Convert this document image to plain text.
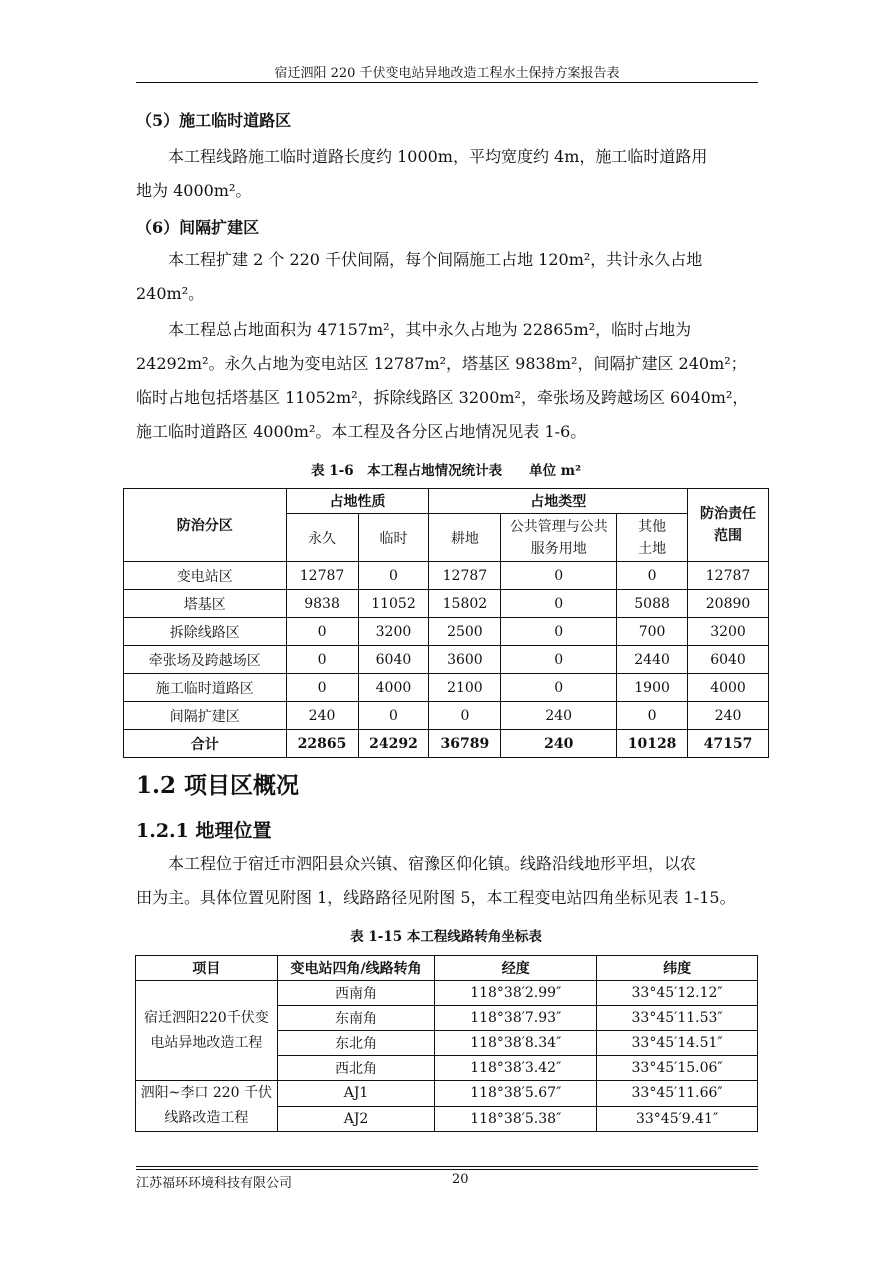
宿迁泗阳 220 千伏变电站异地改造工程水土保持方案报告表
（5）施工临时道路区
本工程线路施工临时道路长度约 1000m，平均宽度约 4m，施工临时道路用
地为 4000m²。
（6）间隔扩建区
本工程扩建 2 个 220 千伏间隔，每个间隔施工占地 120m²，共计永久占地
240m²。
本工程总占地面积为 47157m²，其中永久占地为 22865m²，临时占地为
24292m²。永久占地为变电站区 12787m²，塔基区 9838m²，间隔扩建区 240m²；
临时占地包括塔基区 11052m²，拆除线路区 3200m²，牵张场及跨越场区 6040m²，
施工临时道路区 4000m²。本工程及各分区占地情况见表 1-6。
表 1-6　本工程占地情况统计表　　单位 m²
防治分区	占地性质		占地类型			防治责任范围
	永久	临时	耕地	公共管理与公共服务用地	其他土地	
变电站区	12787	0	12787	0	0	12787
塔基区	9838	11052	15802	0	5088	20890
拆除线路区	0	3200	2500	0	700	3200
牵张场及跨越场区	0	6040	3600	0	2440	6040
施工临时道路区	0	4000	2100	0	1900	4000
间隔扩建区	240	0	0	240	0	240
合计	22865	24292	36789	240	10128	47157
1.2 项目区概况
1.2.1 地理位置
本工程位于宿迁市泗阳县众兴镇、宿豫区仰化镇。线路沿线地形平坦，以农
田为主。具体位置见附图 1，线路路径见附图 5，本工程变电站四角坐标见表 1-15。
表 1-15 本工程线路转角坐标表
项目	变电站四角/线路转角	经度	纬度
宿迁泗阳220千伏变电站异地改造工程	西南角	118°38′2.99″	33°45′12.12″
	东南角	118°38′7.93″	33°45′11.53″
	东北角	118°38′8.34″	33°45′14.51″
	西北角	118°38′3.42″	33°45′15.06″
泗阳~李口 220 千伏线路改造工程	AJ1	118°38′5.67″	33°45′11.66″
	AJ2	118°38′5.38″	33°45′9.41″
江苏福环环境科技有限公司	20
